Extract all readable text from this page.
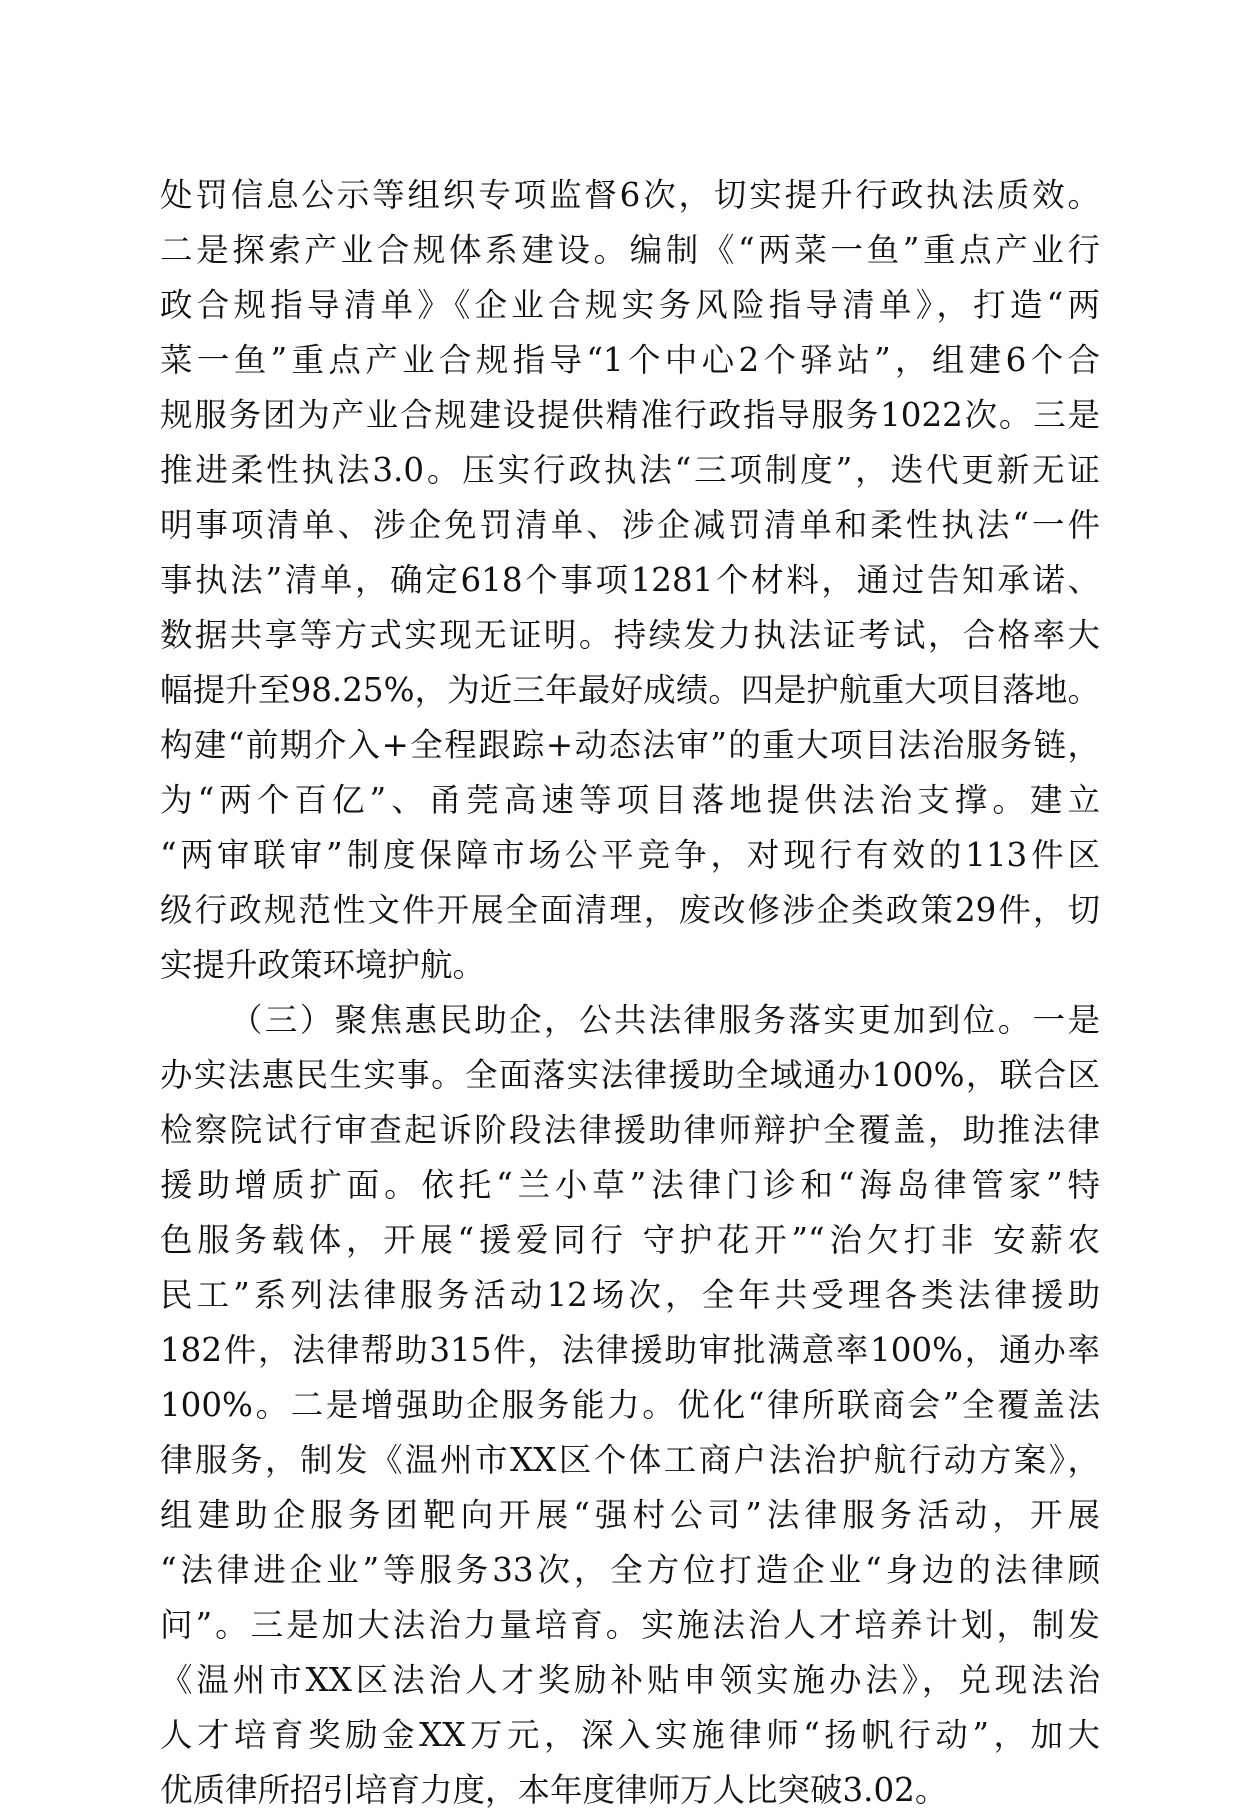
处罚信息公示等组织专项监督6次，切实提升行政执法质效。
二是探索产业合规体系建设。编制《“两菜一鱼”重点产业行
政合规指导清单》《企业合规实务风险指导清单》，打造“两
菜一鱼”重点产业合规指导“1个中心2个驿站”，组建6个合
规服务团为产业合规建设提供精准行政指导服务1022次。三是
推进柔性执法3.0。压实行政执法“三项制度”，迭代更新无证
明事项清单、涉企免罚清单、涉企减罚清单和柔性执法“一件
事执法”清单，确定618个事项1281个材料，通过告知承诺、
数据共享等方式实现无证明。持续发力执法证考试，合格率大
幅提升至98.25%，为近三年最好成绩。四是护航重大项目落地。
构建“前期介入+全程跟踪+动态法审”的重大项目法治服务链，
为“两个百亿”、甬莞高速等项目落地提供法治支撑。建立
“两审联审”制度保障市场公平竞争，对现行有效的113件区
级行政规范性文件开展全面清理，废改修涉企类政策29件，切
实提升政策环境护航。
（三）聚焦惠民助企，公共法律服务落实更加到位。一是
办实法惠民生实事。全面落实法律援助全域通办100%，联合区
检察院试行审查起诉阶段法律援助律师辩护全覆盖，助推法律
援助增质扩面。依托“兰小草”法律门诊和“海岛律管家”特
色服务载体，开展“援爱同行 守护花开”“治欠打非 安薪农
民工”系列法律服务活动12场次，全年共受理各类法律援助
182件，法律帮助315件，法律援助审批满意率100%，通办率
100%。二是增强助企服务能力。优化“律所联商会”全覆盖法
律服务，制发《温州市XX区个体工商户法治护航行动方案》，
组建助企服务团靶向开展“强村公司”法律服务活动，开展
“法律进企业”等服务33次，全方位打造企业“身边的法律顾
问”。三是加大法治力量培育。实施法治人才培养计划，制发
《温州市XX区法治人才奖励补贴申领实施办法》，兑现法治
人才培育奖励金XX万元，深入实施律师“扬帆行动”，加大
优质律所招引培育力度，本年度律师万人比突破3.02。
